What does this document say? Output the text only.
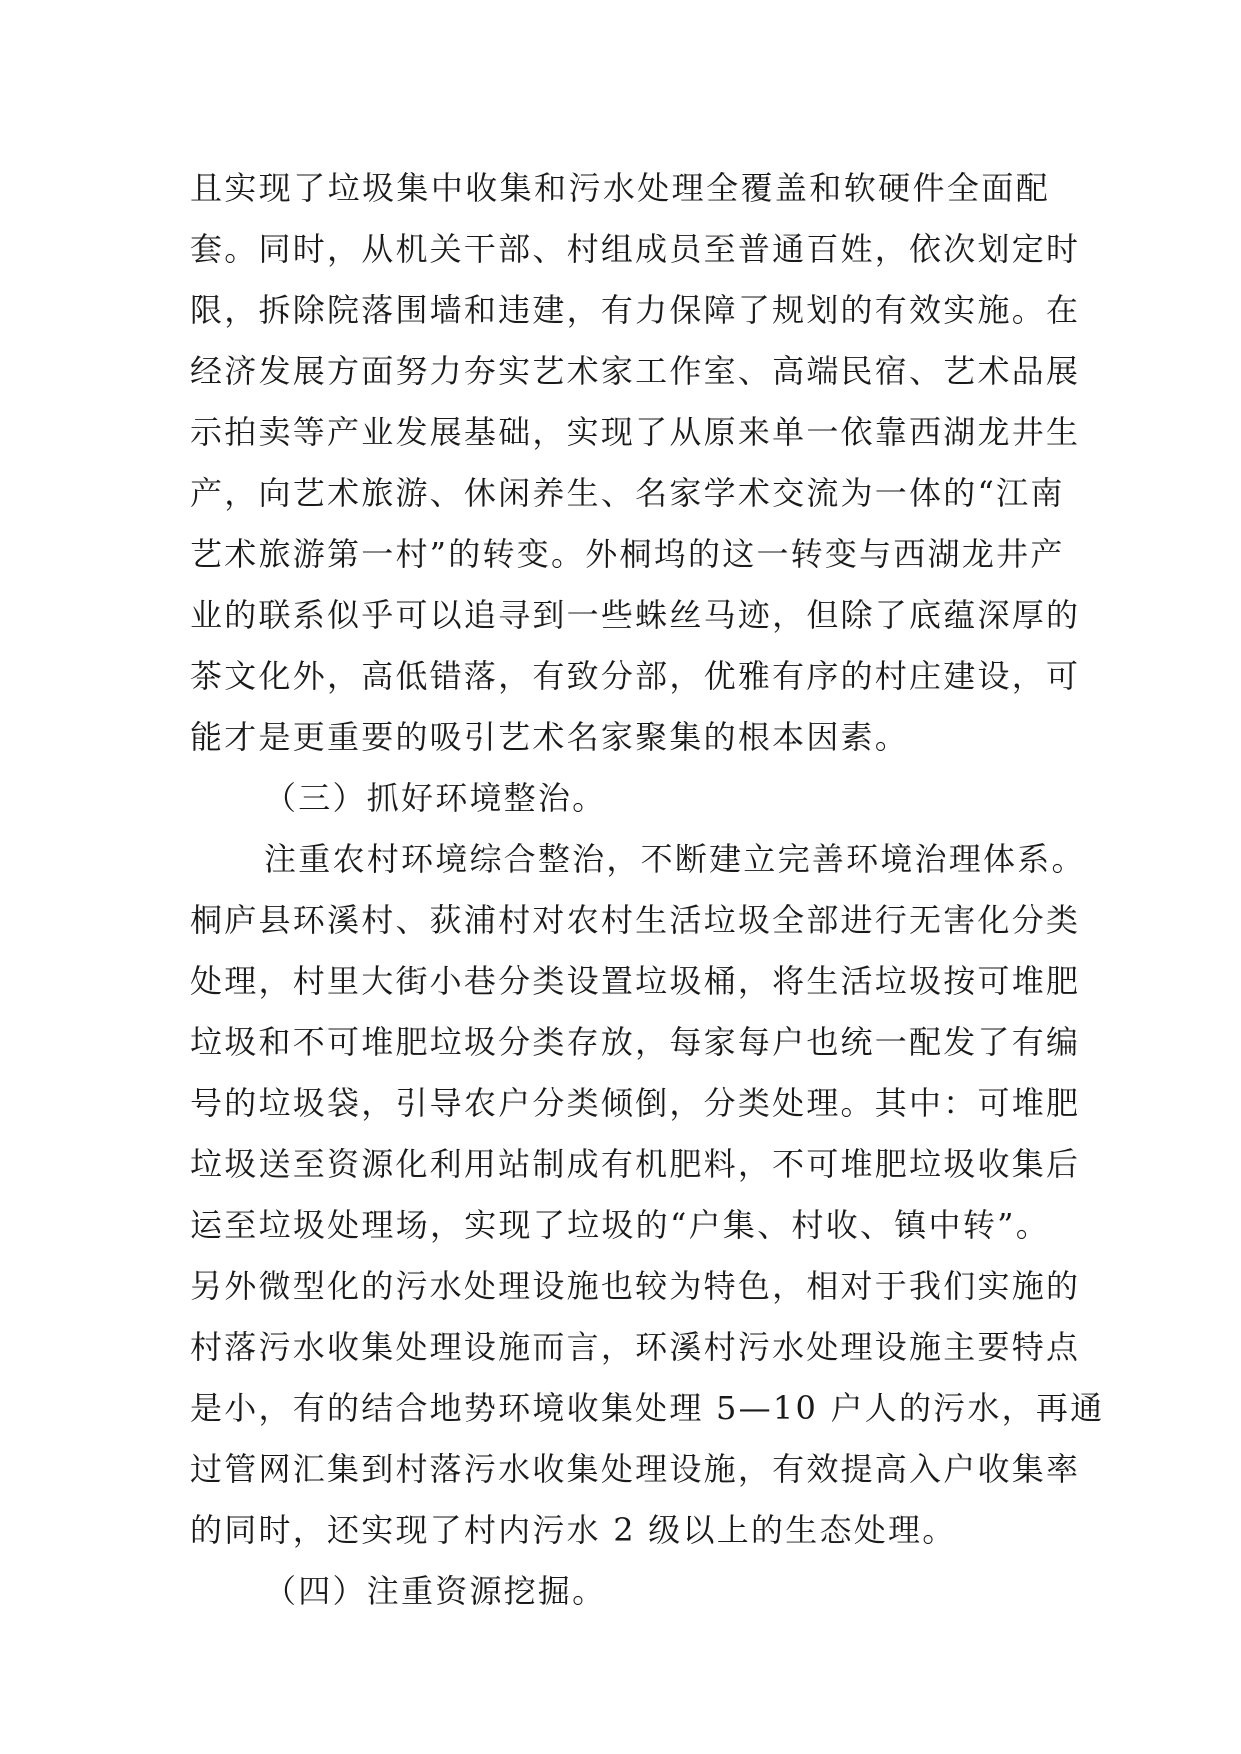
且实现了垃圾集中收集和污水处理全覆盖和软硬件全面配
套。同时，从机关干部、村组成员至普通百姓，依次划定时
限，拆除院落围墙和违建，有力保障了规划的有效实施。在
经济发展方面努力夯实艺术家工作室、高端民宿、艺术品展
示拍卖等产业发展基础，实现了从原来单一依靠西湖龙井生
产，向艺术旅游、休闲养生、名家学术交流为一体的“江南
艺术旅游第一村”的转变。外桐坞的这一转变与西湖龙井产
业的联系似乎可以追寻到一些蛛丝马迹，但除了底蕴深厚的
茶文化外，高低错落，有致分部，优雅有序的村庄建设，可
能才是更重要的吸引艺术名家聚集的根本因素。
（三）抓好环境整治。
注重农村环境综合整治，不断建立完善环境治理体系。
桐庐县环溪村、荻浦村对农村生活垃圾全部进行无害化分类
处理，村里大街小巷分类设置垃圾桶，将生活垃圾按可堆肥
垃圾和不可堆肥垃圾分类存放，每家每户也统一配发了有编
号的垃圾袋，引导农户分类倾倒，分类处理。其中：可堆肥
垃圾送至资源化利用站制成有机肥料，不可堆肥垃圾收集后
运至垃圾处理场，实现了垃圾的“户集、村收、镇中转”。
另外微型化的污水处理设施也较为特色，相对于我们实施的
村落污水收集处理设施而言，环溪村污水处理设施主要特点
是小，有的结合地势环境收集处理 5—10 户人的污水，再通
过管网汇集到村落污水收集处理设施，有效提高入户收集率
的同时，还实现了村内污水 2 级以上的生态处理。
（四）注重资源挖掘。
